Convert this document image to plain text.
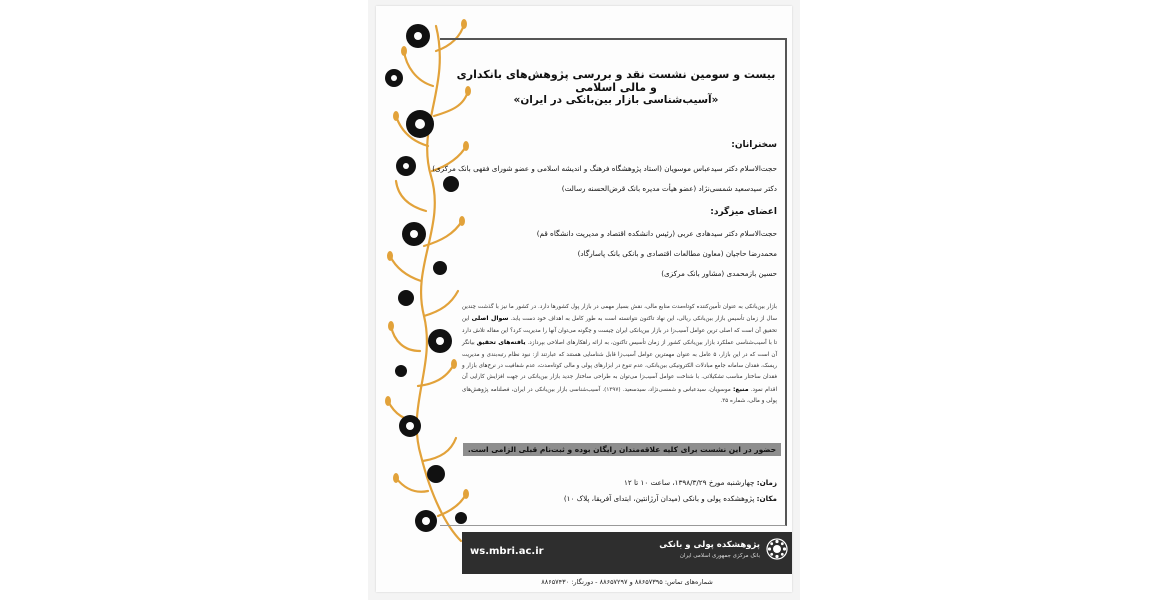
بیست و سومین نشست نقد و بررسی پژوهش‌های بانکداری و مالی اسلامی
«آسیب‌شناسی بازار بین‌بانکی در ایران»
سخنرانان:
حجت‌الاسلام دکتر سیدعباس موسویان (استاد پژوهشگاه فرهنگ و اندیشه اسلامی و عضو شورای فقهی بانک مرکزی)
دکتر سیدسعید شمسی‌نژاد (عضو هیأت مدیره بانک قرض‌الحسنه رسالت)
اعضای میزگرد:
حجت‌الاسلام دکتر سیدهادی عربی (رئیس دانشکده اقتصاد و مدیریت دانشگاه قم)
محمدرضا حاجیان (معاون مطالعات اقتصادی و بانکی بانک پاسارگاد)
حسین بازمحمدی (مشاور بانک مرکزی)
بازار بین‌بانکی به عنوان تأمین‌کننده کوتاه‌مدت منابع مالی، نقش بسیار مهمی در بازار پول کشورها دارد. در کشور ما نیز با گذشت چندین سال از زمان تأسیس بازار بین‌بانکی ریالی، این نهاد تاکنون نتوانسته است به طور کامل به اهداف خود دست یابد. سوال اصلی این تحقیق آن است که اصلی ترین عوامل آسیب‌زا در بازار بین‌بانکی ایران چیست و چگونه می‌توان آنها را مدیریت کرد؟ این مقاله تلاش دارد تا با آسیب‌شناسی عملکرد بازار بین‌بانکی کشور از زمان تأسیس تاکنون، به ارائه راهکارهای اصلاحی بپردازد. یافته‌های تحقیق بیانگر آن است که در این بازار، ۵ عامل به عنوان مهمترین عوامل آسیب‌زا قابل شناسایی هستند که عبارتند از: نبود نظام رتبه‌بندی و مدیریت ریسک، فقدان سامانه جامع مبادلات الکترونیکی بین‌بانکی، عدم تنوع در ابزارهای پولی و مالی کوتاه‌مدت، عدم شفافیت در نرخ‌های بازار و فقدان ساختار مناسب تشکیلاتی. با شناخت عوامل آسیب‌زا می‌توان به طراحی ساختار جدید بازار بین‌بانکی در جهت افزایش کارایی آن اقدام نمود. منبع: موسویان، سیدعباس و شمسی‌نژاد، سیدسعید. (۱۳۹۷). آسیب‌شناسی بازار بین‌بانکی در ایران، فصلنامه پژوهش‌های پولی و مالی، شماره ۳۵.
حضور در این نشست برای کلیه علاقه‌مندان رایگان بوده و ثبت‌نام قبلی الزامی است.
زمان: چهارشنبه مورخ ۱۳۹۸/۳/۲۹، ساعت ۱۰ تا ۱۲
مکان: پژوهشکده پولی و بانکی (میدان آرژانتین، ابتدای آفریقا، پلاک ۱۰)
پژوهشکده پولی و بانکی
بانک مرکزی جمهوری اسلامی ایران
ws.mbri.ac.ir
شماره‌های تماس: ۸۸۶۵۷۳۹۵ و ۸۸۶۵۷۲۹۷ - دورنگار: ۸۸۶۵۷۴۳۰
